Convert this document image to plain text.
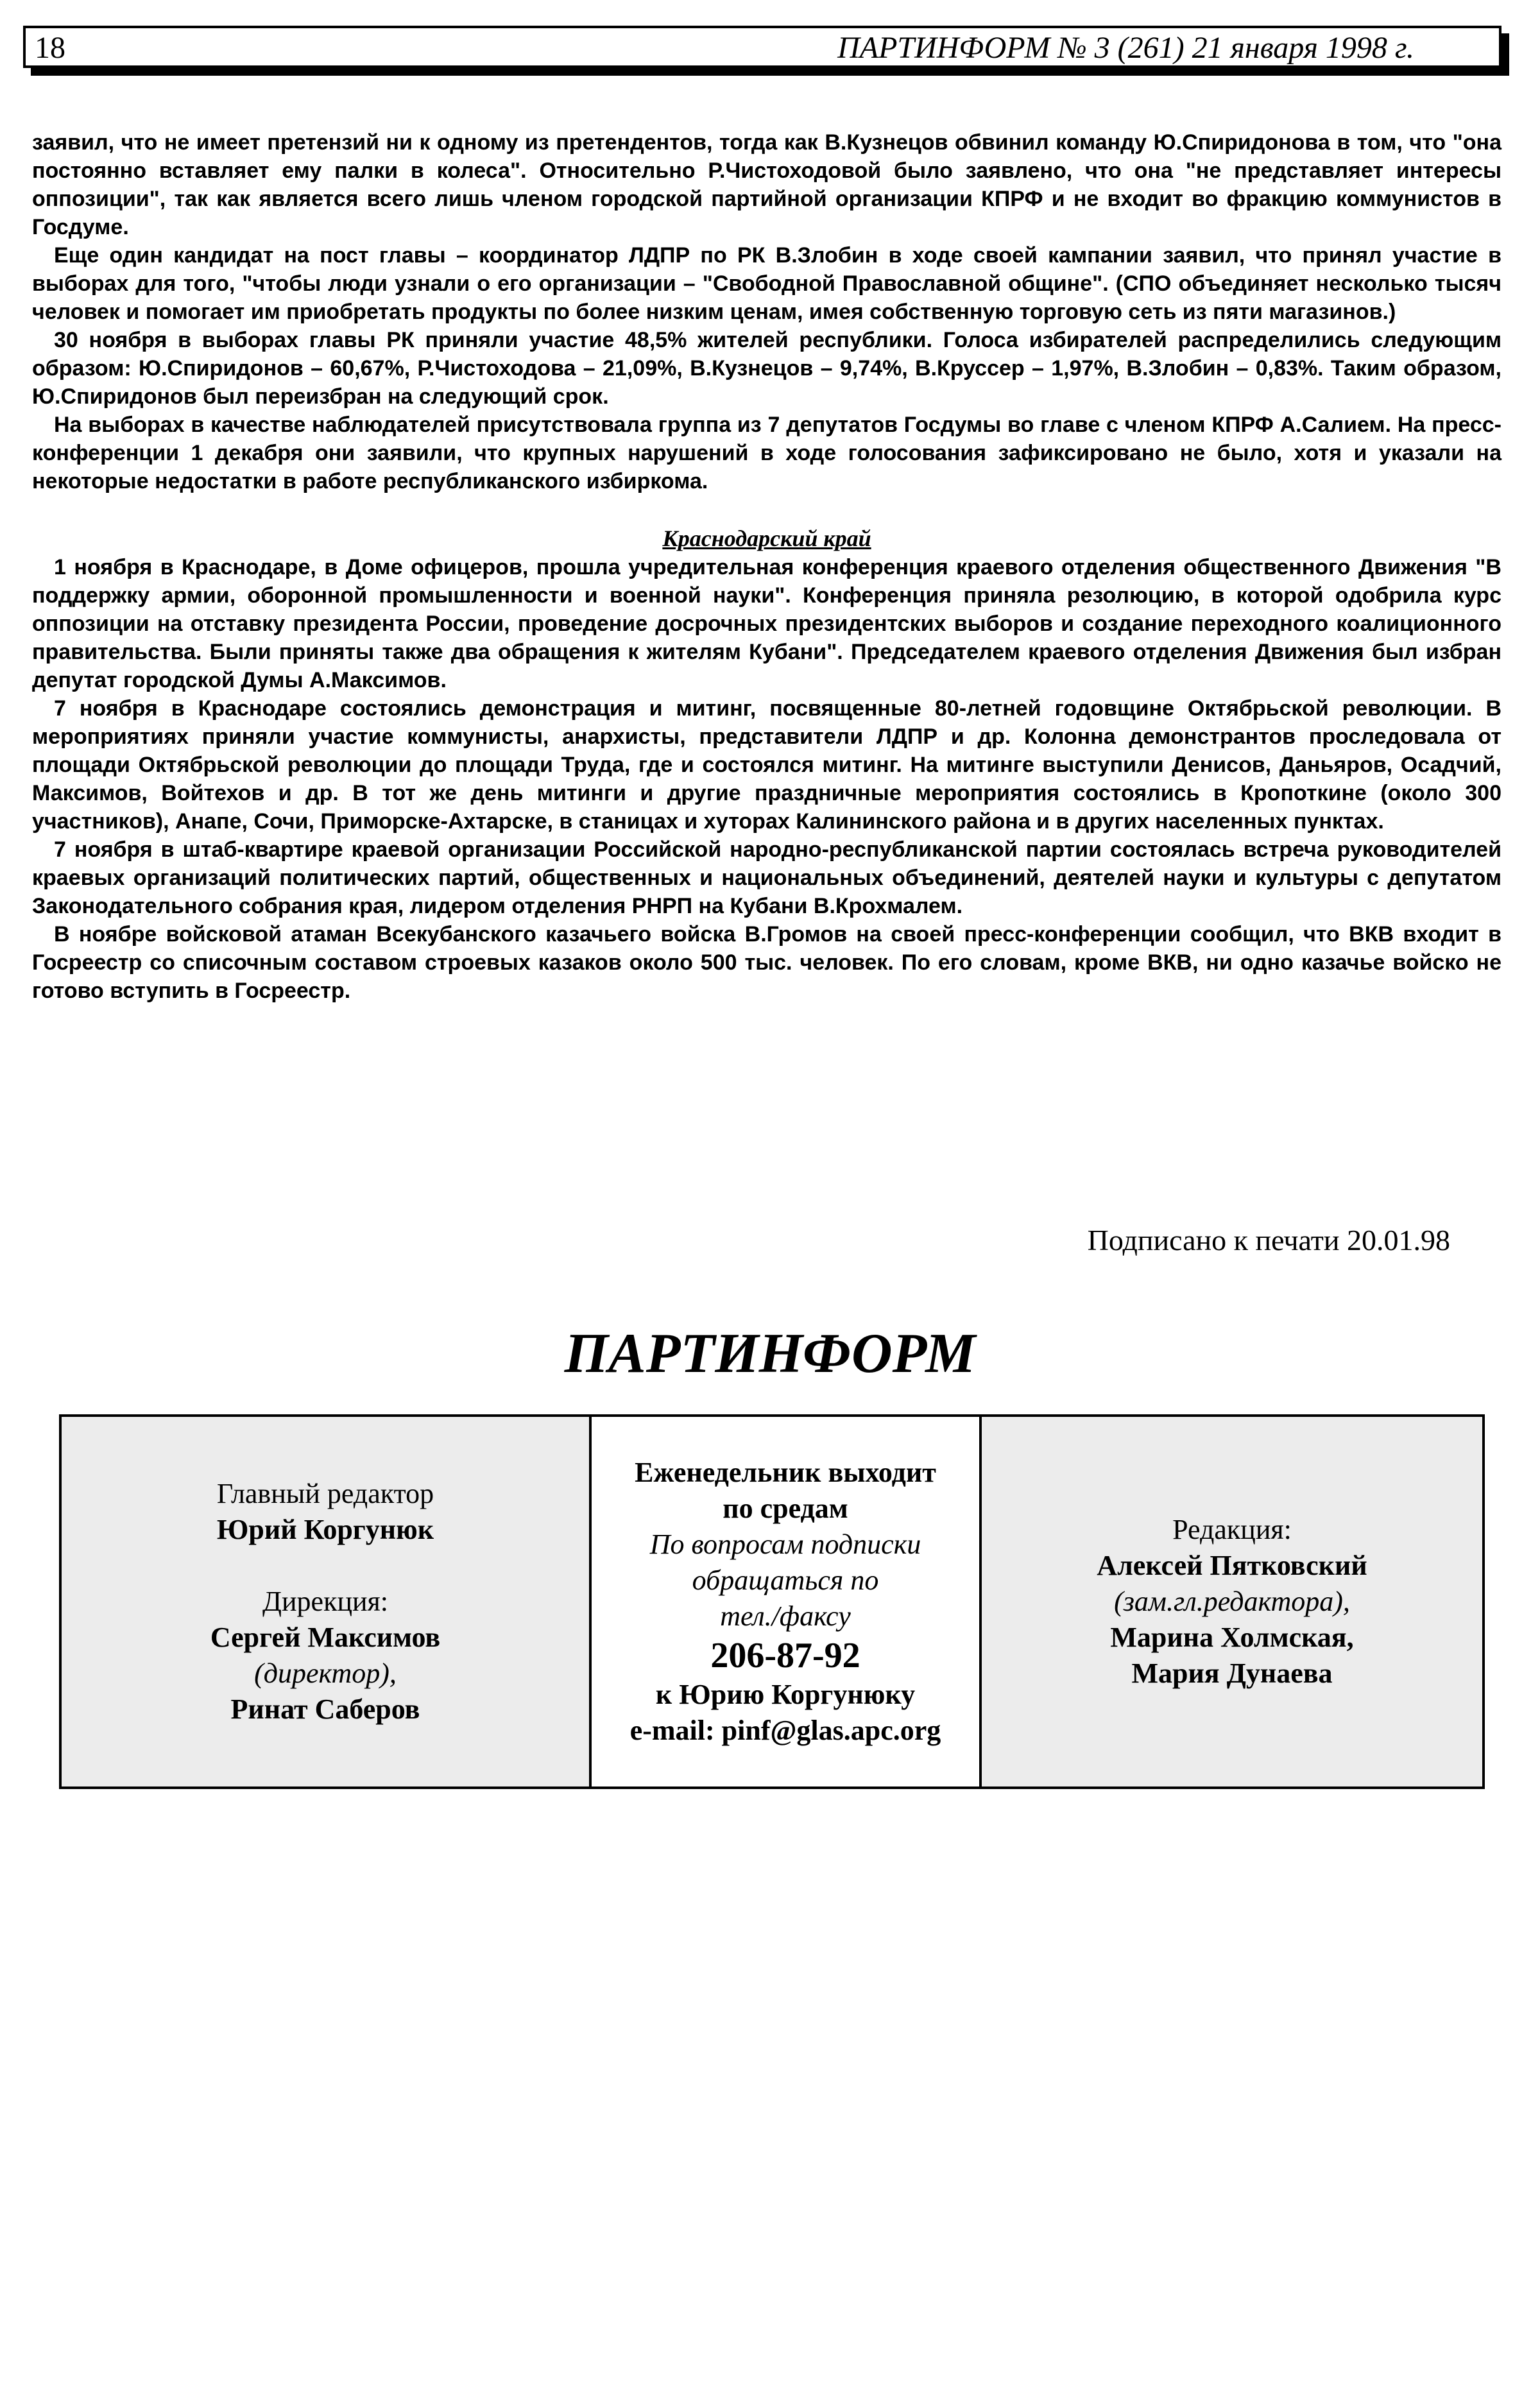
18	ПАРТИНФОРМ № 3 (261) 21 января 1998 г.

заявил, что не имеет претензий ни к одному из претендентов, тогда как В.Кузнецов обвинил команду Ю.Спиридонова в том, что "она постоянно вставляет ему палки в колеса". Относительно Р.Чистоходовой было заявлено, что она "не представляет интересы оппозиции", так как является всего лишь членом городской партийной организации КПРФ и не входит во фракцию коммунистов в Госдуме.

Еще один кандидат на пост главы – координатор ЛДПР по РК В.Злобин в ходе своей кампании заявил, что принял участие в выборах для того, "чтобы люди узнали о его организации – "Свободной Православной общине". (СПО объединяет несколько тысяч человек и помогает им приобретать продукты по более низким ценам, имея собственную торговую сеть из пяти магазинов.)

30 ноября в выборах главы РК приняли участие 48,5% жителей республики. Голоса избирателей распределились следующим образом: Ю.Спиридонов – 60,67%, Р.Чистоходова – 21,09%, В.Кузнецов – 9,74%, В.Круссер – 1,97%, В.Злобин – 0,83%. Таким образом, Ю.Спиридонов был переизбран на следующий срок.

На выборах в качестве наблюдателей присутствовала группа из 7 депутатов Госдумы во главе с членом КПРФ А.Салием. На пресс-конференции 1 декабря они заявили, что крупных нарушений в ходе голосования зафиксировано не было, хотя и указали на некоторые недостатки в работе республиканского избиркома.

Краснодарский край

1 ноября в Краснодаре, в Доме офицеров, прошла учредительная конференция краевого отделения общественного Движения "В поддержку армии, оборонной промышленности и военной науки". Конференция приняла резолюцию, в которой одобрила курс оппозиции на отставку президента России, проведение досрочных президентских выборов и создание переходного коалиционного правительства. Были приняты также два обращения к жителям Кубани". Председателем краевого отделения Движения был избран депутат городской Думы А.Максимов.

7 ноября в Краснодаре состоялись демонстрация и митинг, посвященные 80-летней годовщине Октябрьской революции. В мероприятиях приняли участие коммунисты, анархисты, представители ЛДПР и др. Колонна демонстрантов проследовала от площади Октябрьской революции до площади Труда, где и состоялся митинг. На митинге выступили Денисов, Даньяров, Осадчий, Максимов, Войтехов и др. В тот же день митинги и другие праздничные мероприятия состоялись в Кропоткине (около 300 участников), Анапе, Сочи, Приморске-Ахтарске, в станицах и хуторах Калининского района и в других населенных пунктах.

7 ноября в штаб-квартире краевой организации Российской народно-республиканской партии состоялась встреча руководителей краевых организаций политических партий, общественных и национальных объединений, деятелей науки и культуры с депутатом Законодательного собрания края, лидером отделения РНРП на Кубани В.Крохмалем.

В ноябре войсковой атаман Всекубанского казачьего войска В.Громов на своей пресс-конференции сообщил, что ВКВ входит в Госреестр со списочным составом строевых казаков около 500 тыс. человек. По его словам, кроме ВКВ, ни одно казачье войско не готово вступить в Госреестр.

Подписано к печати 20.01.98
ПАРТИНФОРМ
Главный редактор
Юрий Коргунюк
Дирекция:
Сергей Максимов
(директор),
Ринат Саберов
Еженедельник выходит
по средам
По вопросам подписки
обращаться по
тел./факсу
206-87-92
к Юрию Коргунюку
e-mail: pinf@glas.apc.org
Редакция:
Алексей Пятковский
(зам.гл.редактора),
Марина Холмская,
Мария Дунаева
